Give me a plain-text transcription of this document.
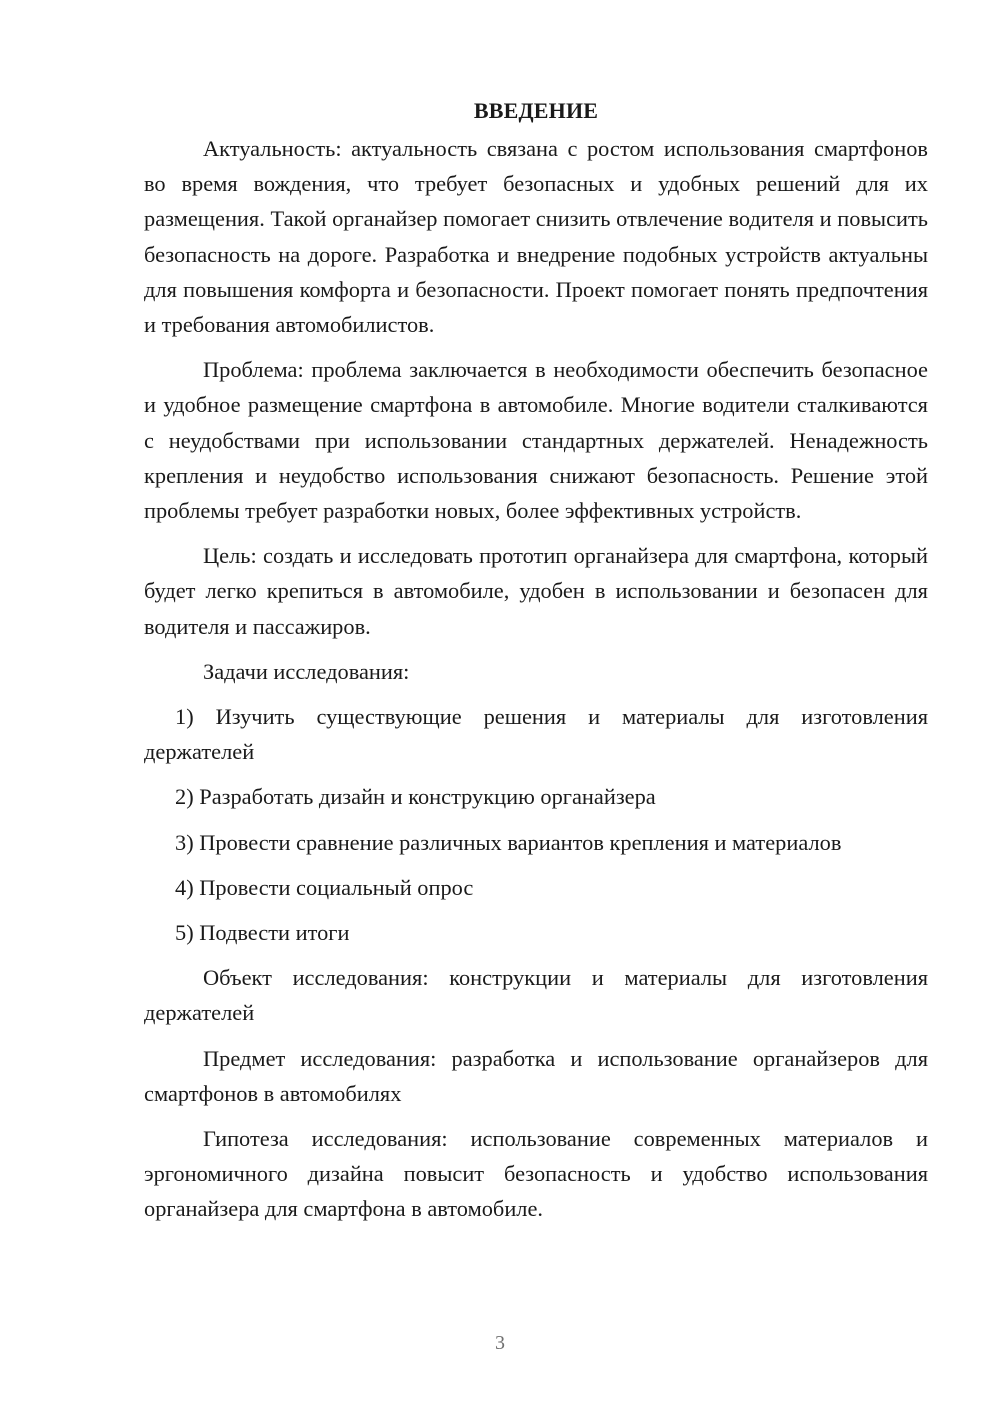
ВВЕДЕНИЕ

Актуальность: актуальность связана с ростом использования смартфонов во время вождения, что требует безопасных и удобных решений для их размещения. Такой органайзер помогает снизить отвлечение водителя и повысить безопасность на дороге. Разработка и внедрение подобных устройств актуальны для повышения комфорта и безопасности. Проект помогает понять предпочтения и требования автомобилистов.

Проблема: проблема заключается в необходимости обеспечить безопасное и удобное размещение смартфона в автомобиле. Многие водители сталкиваются с неудобствами при использовании стандартных держателей. Ненадежность крепления и неудобство использования снижают безопасность. Решение этой проблемы требует разработки новых, более эффективных устройств.

Цель: создать и исследовать прототип органайзера для смартфона, который будет легко крепиться в автомобиле, удобен в использовании и безопасен для водителя и пассажиров.

Задачи исследования:

1) Изучить существующие решения и материалы для изготовления держателей

2) Разработать дизайн и конструкцию органайзера

3) Провести сравнение различных вариантов крепления и материалов

4) Провести социальный опрос

5) Подвести итоги

Объект исследования: конструкции и материалы для изготовления держателей

Предмет исследования: разработка и использование органайзеров для смартфонов в автомобилях

Гипотеза исследования: использование современных материалов и эргономичного дизайна повысит безопасность и удобство использования органайзера для смартфона в автомобиле.

3
